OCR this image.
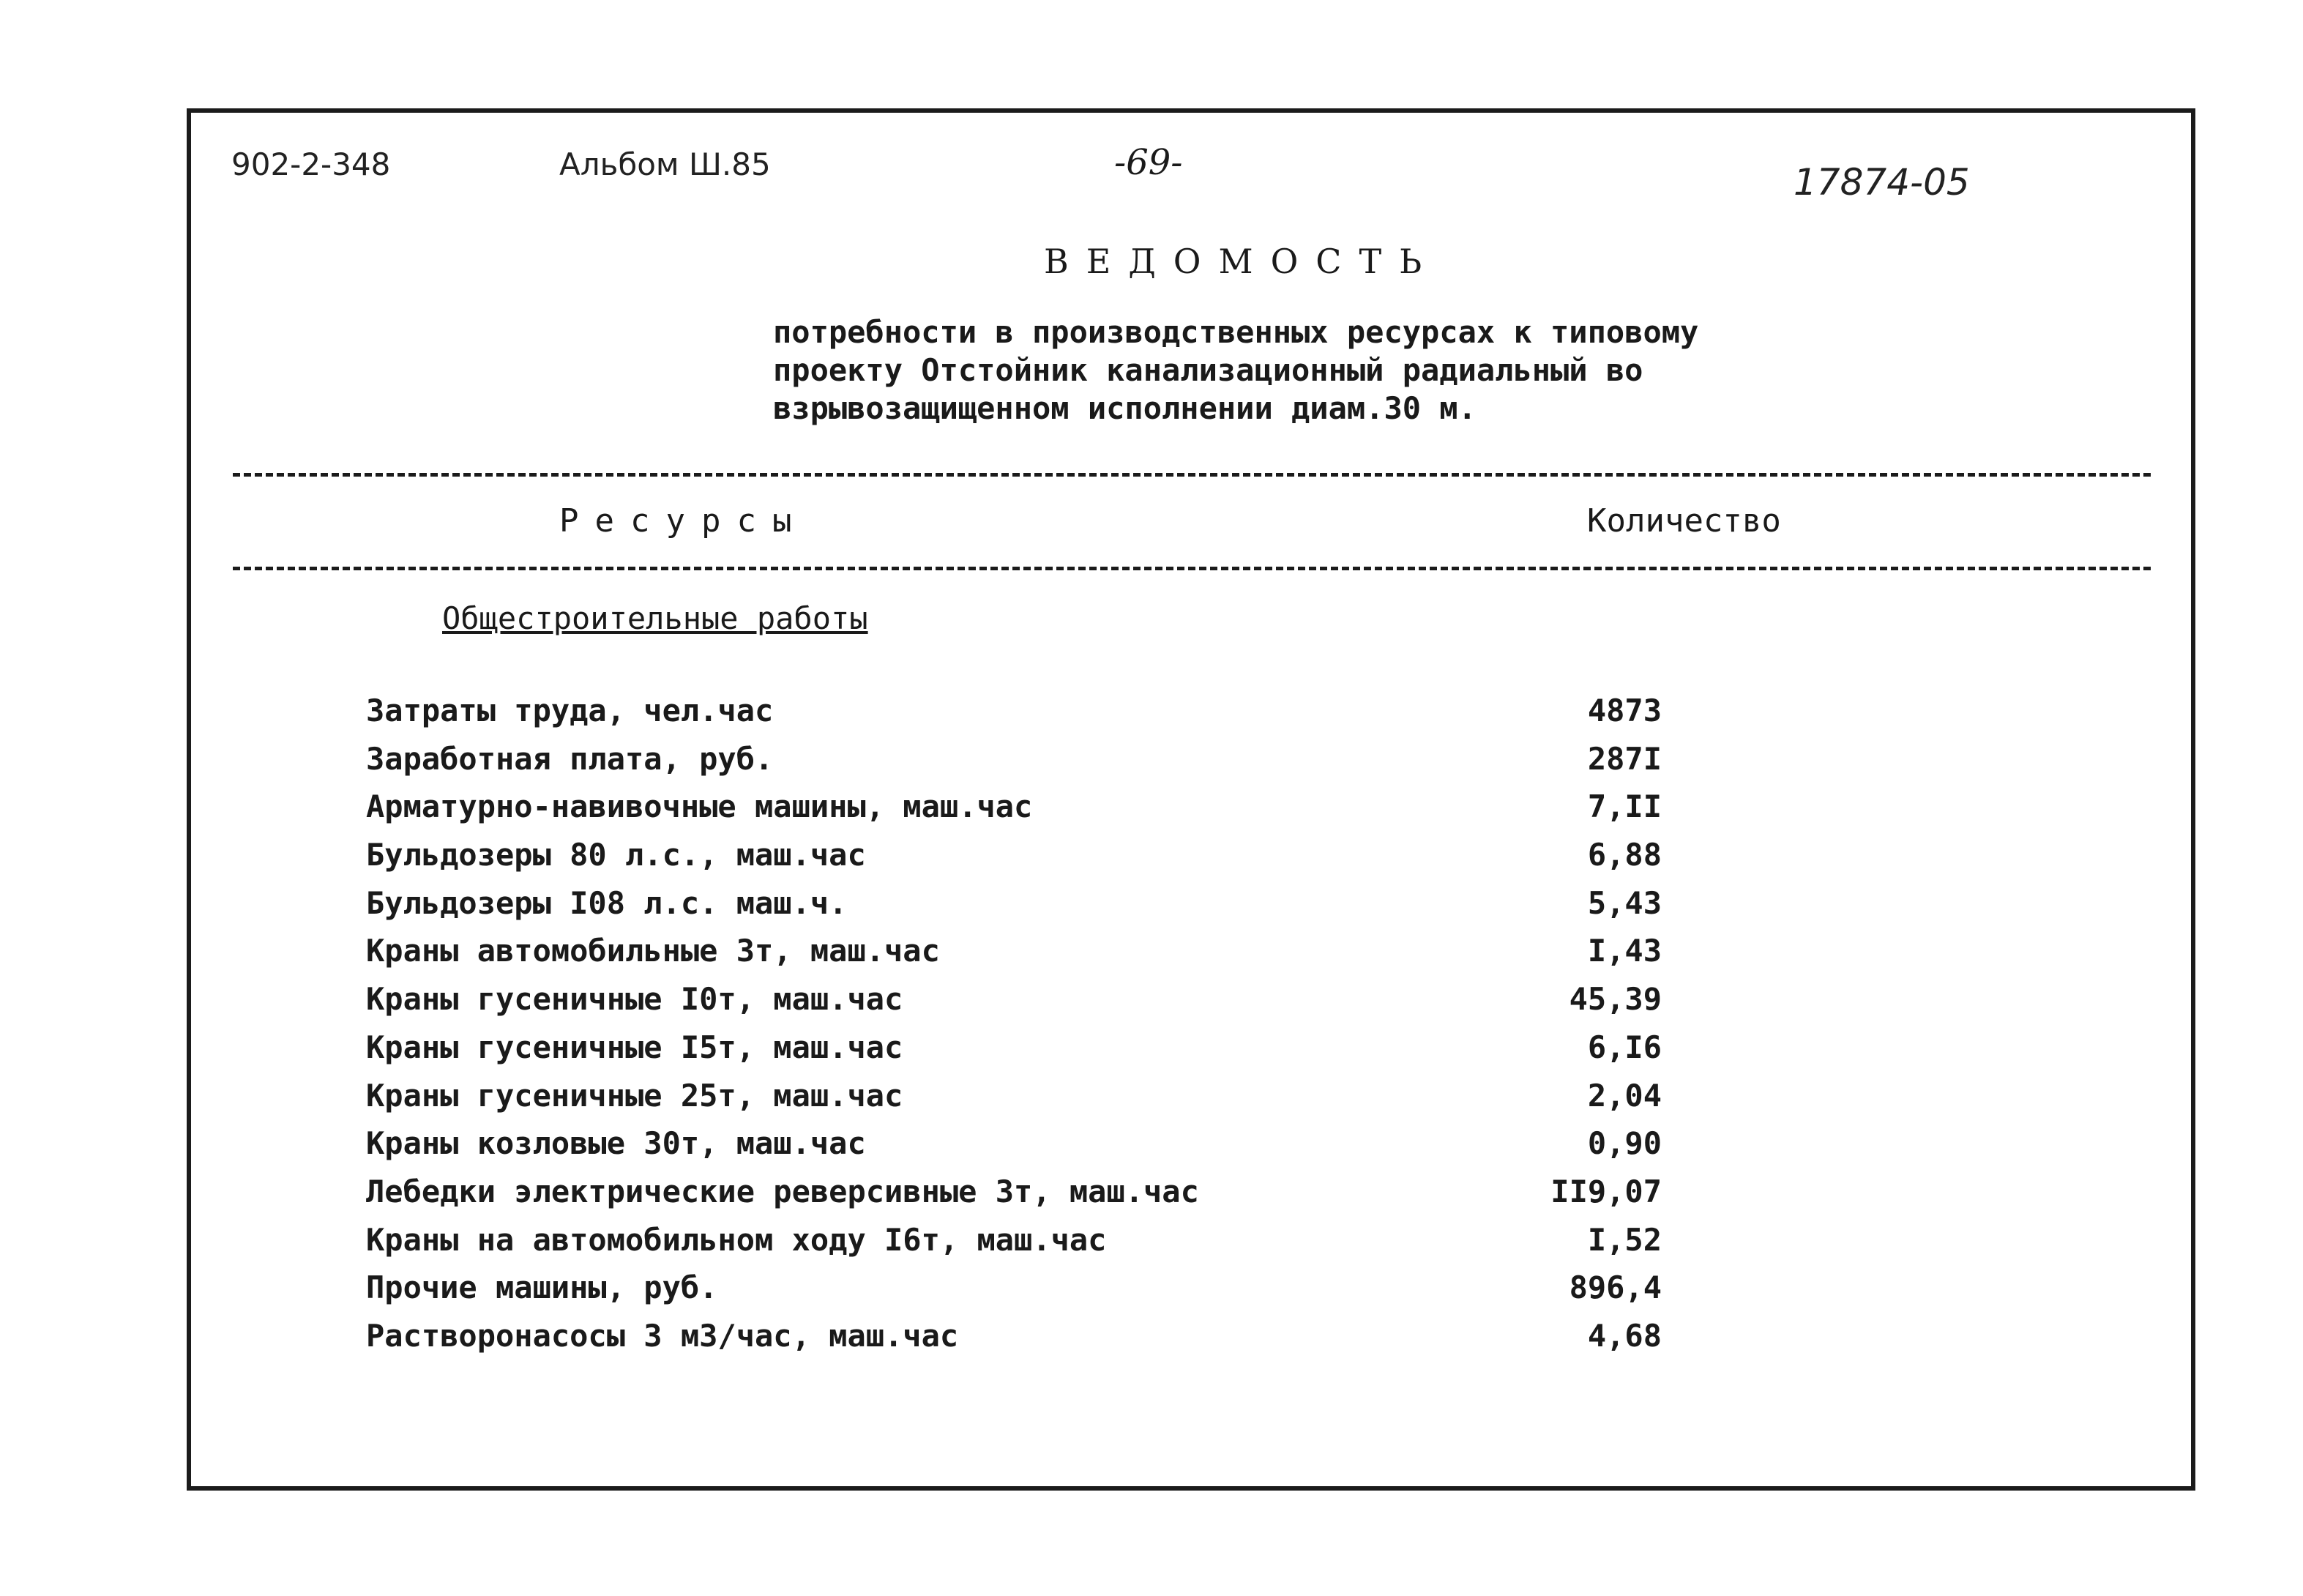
902-2-348	Альбом Ш.85	-69-	17874-05
ВЕДОМОСТЬ
потребности в производственных ресурсах к типовому
проекту Отстойник канализационный радиальный во
взрывозащищенном исполнении диам.30 м.
Ресурсы	Количество
Общестроительные работы
Затраты труда, чел.час	4873
Заработная плата, руб.	287I
Арматурно-навивочные машины, маш.час	7,II
Бульдозеры 80 л.с., маш.час	6,88
Бульдозеры I08 л.с. маш.ч.	5,43
Краны автомобильные 3т, маш.час	I,43
Краны гусеничные I0т, маш.час	45,39
Краны гусеничные I5т, маш.час	6,I6
Краны гусеничные 25т, маш.час	2,04
Краны козловые 30т, маш.час	0,90
Лебедки электрические реверсивные 3т, маш.час	II9,07
Краны на автомобильном ходу I6т, маш.час	I,52
Прочие машины, руб.	896,4
Растворонасосы 3 м3/час, маш.час	4,68
